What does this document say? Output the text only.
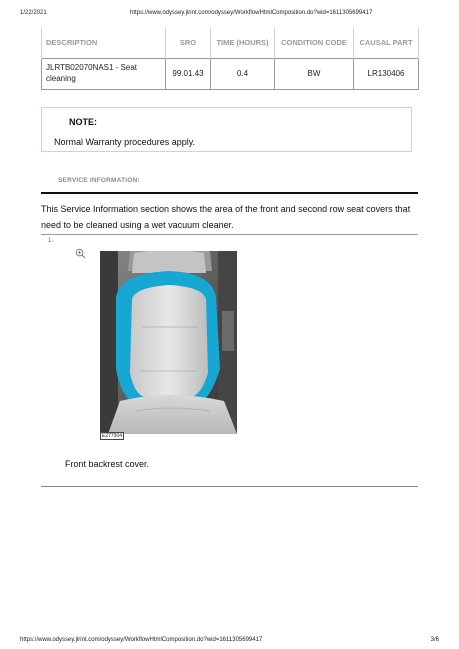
1/22/2021	https://www.odyssey.jlrint.com/odyssey/WorkflowHtmlComposition.do?wid=1611305699417
DESCRIPTION	SRO	TIME (HOURS)	CONDITION CODE	CAUSAL PART
JLRTB02070NAS1 - Seat cleaning	99.01.43	0.4	BW	LR130406
NOTE:
Normal Warranty procedures apply.
SERVICE INFORMATION:
This Service Information section shows the area of the front and second row seat covers that need to be cleaned using a wet vacuum cleaner.
1.
E277904
Front backrest cover.
https://www.odyssey.jlrint.com/odyssey/WorkflowHtmlComposition.do?wid=1611305699417	3/6
